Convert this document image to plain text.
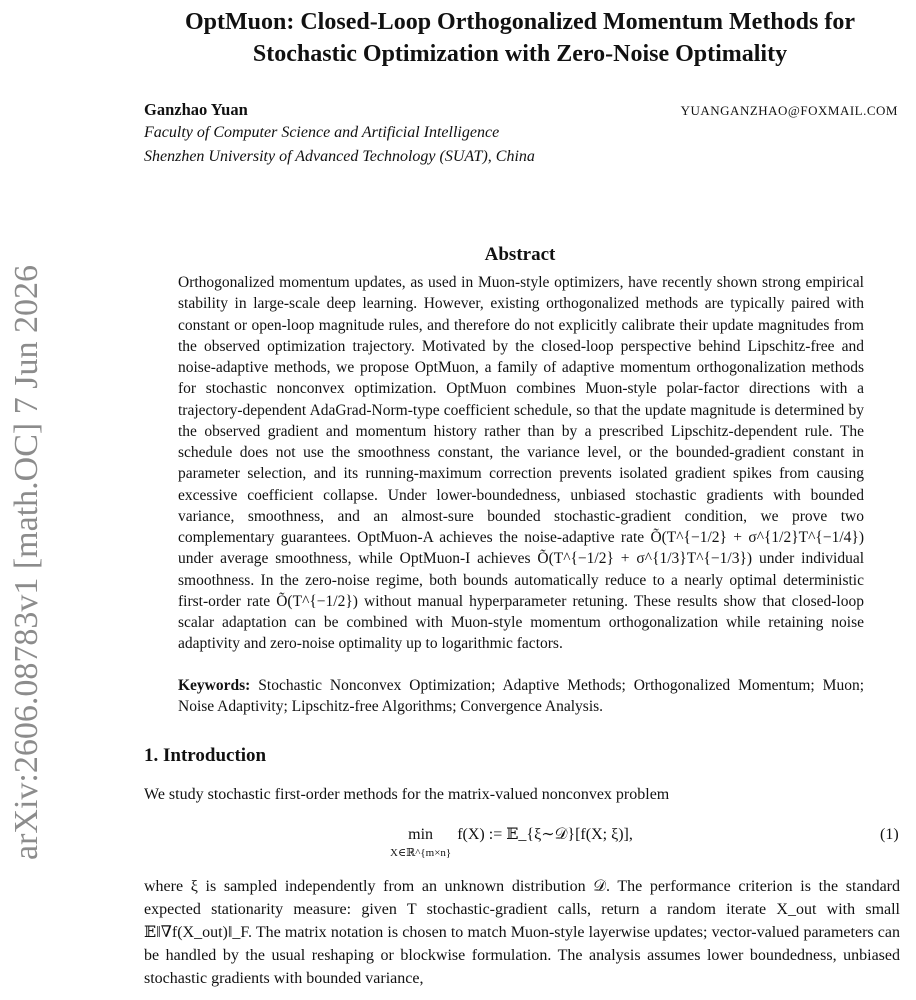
arXiv:2606.08783v1 [math.OC] 7 Jun 2026
OptMuon: Closed-Loop Orthogonalized Momentum Methods for
Stochastic Optimization with Zero-Noise Optimality
Ganzhao Yuan	YUANGANZHAO@FOXMAIL.COM
Faculty of Computer Science and Artificial Intelligence
Shenzhen University of Advanced Technology (SUAT), China
Abstract

Orthogonalized momentum updates, as used in Muon-style optimizers, have recently shown strong empirical stability in large-scale deep learning. However, existing orthogonalized methods are typically paired with constant or open-loop magnitude rules, and therefore do not explicitly calibrate their update magnitudes from the observed optimization trajectory. Motivated by the closed-loop perspective behind Lipschitz-free and noise-adaptive methods, we propose OptMuon, a family of adaptive momentum orthogonalization methods for stochastic nonconvex optimization. OptMuon combines Muon-style polar-factor directions with a trajectory-dependent AdaGrad-Norm-type coefficient schedule, so that the update magnitude is determined by the observed gradient and momentum history rather than by a prescribed Lipschitz-dependent rule. The schedule does not use the smoothness constant, the variance level, or the bounded-gradient constant in parameter selection, and its running-maximum correction prevents isolated gradient spikes from causing excessive coefficient collapse. Under lower-boundedness, unbiased stochastic gradients with bounded variance, smoothness, and an almost-sure bounded stochastic-gradient condition, we prove two complementary guarantees. OptMuon-A achieves the noise-adaptive rate Õ(T^{−1/2} + σ^{1/2}T^{−1/4}) under average smoothness, while OptMuon-I achieves Õ(T^{−1/2} + σ^{1/3}T^{−1/3}) under individual smoothness. In the zero-noise regime, both bounds automatically reduce to a nearly optimal deterministic first-order rate Õ(T^{−1/2}) without manual hyperparameter retuning. These results show that closed-loop scalar adaptation can be combined with Muon-style momentum orthogonalization while retaining noise adaptivity and zero-noise optimality up to logarithmic factors.

Keywords: Stochastic Nonconvex Optimization; Adaptive Methods; Orthogonalized Momentum; Muon; Noise Adaptivity; Lipschitz-free Algorithms; Convergence Analysis.

1. Introduction

We study stochastic first-order methods for the matrix-valued nonconvex problem

min
X∈ℝ^{m×n}
f(X) := 𝔼_{ξ∼𝒟}[f(X; ξ)],	(1)

where ξ is sampled independently from an unknown distribution 𝒟. The performance criterion is the standard expected stationarity measure: given T stochastic-gradient calls, return a random iterate X_out with small 𝔼‖∇f(X_out)‖_F. The matrix notation is chosen to match Muon-style layerwise updates; vector-valued parameters can be handled by the usual reshaping or blockwise formulation. The analysis assumes lower boundedness, unbiased stochastic gradients with bounded variance,
